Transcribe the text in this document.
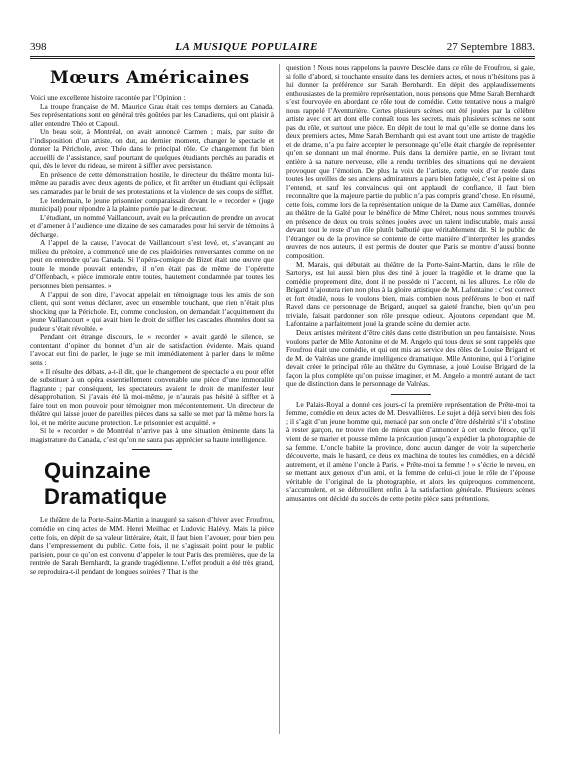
398	LA MUSIQUE POPULAIRE	27 Septembre 1883.
Mœurs Américaines

Voici une excellente histoire racontée par l’Opinion :

La troupe française de M. Maurice Grau était ces temps derniers au Canada. Ses représentations sont en général très goûtées par les Canadiens, qui ont plaisir à aller entendre Théo et Capoul.

Un beau soir, à Montréal, on avait annoncé Carmen ; mais, par suite de l’indisposition d’un artiste, on dut, au dernier moment, changer le spectacle et donner la Périchole, avec Théo dans le principal rôle. Ce changement fut bien accueilli de l’assistance, sauf pourtant de quelques étudiants perchés au paradis et qui, dès le lever du rideau, se mirent à siffler avec persistance.

En présence de cette démonstration hostile, le directeur du théâtre monta lui-même au paradis avec deux agents de police, et fit arrêter un étudiant qui éclipsait ses camarades par le bruit de ses protestations et la violence de ses coups de sifflet.

Le lendemain, le jeune prisonnier comparaissait devant le « recorder » (juge municipal) pour répondre à la plainte portée par le directeur.

L’étudiant, un nommé Vaillancourt, avait eu la précaution de prendre un avocat et d’amener à l’audience une dizaine de ses camarades pour lui servir de témoins à décharge.

A l’appel de la cause, l’avocat de Vaillancourt s’est levé, et, s’avançant au milieu du prétoire, a commencé une de ces plaidoiries renversantes comme on ne peut en entendre qu’au Canada. Si l’opéra-comique de Bizet était une œuvre que toute le monde pouvait entendre, il n’en était pas de même de l’opérette d’Offenbach, « pièce immorale entre toutes, hautement condamnée par toutes les personnes bien pensantes. »

A l’appui de son dire, l’avocat appelait en témoignage tous les amis de son client, qui sont venus déclarer, avec un ensemble touchant, que rien n’était plus shocking que la Périchole. Et, comme conclusion, on demandait l’acquittement du jeune Vaillancourt « qui avait bien le droit de siffler les cascades éhontées dont sa pudeur s’était révoltée. »

Pendant cet étrange discours, le « recorder » avait gardé le silence, se contentant d’opiner du bonnet d’un air de satisfaction évidente. Mais quand l’avocat eut fini de parler, le juge se mit immédiatement à parler dans le même sens :

« Il résulte des débats, a-t-il dit, que le changement de spectacle a eu pour effet de substituer à un opéra essentiellement convenable une pièce d’une immoralité flagrante ; par conséquent, les spectateurs avaient le droit de manifester leur désapprobation. Si j’avais été là moi-même, je n’aurais pas hésité à siffler et à faire tout en mon pouvoir pour témoigner mon mécontentement. Un directeur de théâtre qui laisse jouer de pareilles pièces dans sa salle se met par là même hors la loi, et ne mérite aucune protection. Le prisonnier est acquitté. »

Si le « recorder » de Montréal n’arrive pas à une situation éminente dans la magistrature du Canada, c’est qu’on ne saura pas apprécier sa haute intelligence.

Quinzaine Dramatique

Le théâtre de la Porte-Saint-Martin a inauguré sa saison d’hiver avec Froufrou, comédie en cinq actes de MM. Henri Meilhac et Ludovic Halévy. Mais la pièce cette fois, en dépit de sa valeur littéraire, était, il faut bien l’avouer, pour bien peu dans l’empressement du public. Cette fois, il ne s’agissait point pour le public parisien, pour ce qu’on est convenu d’appeler le tout Paris des premières, que de la rentrée de Sarah Bernhardt, la grande tragédienne. L’effet produit a été très grand, se reproduira-t-il pendant de longues soirées ? That is the

question ! Nous nous rappelons la pauvre Desclée dans ce rôle de Froufrou, si gaie, si folle d’abord, si touchante ensuite dans les derniers actes, et nous n’hésitons pas à lui donner la préférence sur Sarah Bernhardt. En dépit des applaudissements enthousiastes de la première représentation, nous pensons que Mme Sarah Bernhardt s’est fourvoyée en abordant ce rôle tout de comédie. Cette tentative nous a malgré nous rappelé l’Aventurière. Certes plusieurs scènes ont été jouées par la célèbre artiste avec cet art dont elle connaît tous les secrets, mais plusieurs scènes ne sont pas du rôle, et surtout une pièce. En dépit de tout le mal qu’elle se donne dans les deux premiers actes, Mme Sarah Bernhardt qui est avant tout une artiste de tragédie et de drame, n’a pu faire accepter le personnage qu’elle était chargée de représenter qu’en se donnant un mal énorme. Puis dans la dernière partie, en se livrant tout entière à sa nature nerveuse, elle a rendu terribles des situations qui ne devaient provoquer que l’émotion. De plus la voix de l’artiste, cette voix d’or restée dans toutes les oreilles de ses anciens admirateurs a paru bien fatiguée, c’est à peine si on l’entend, et sauf les convaincus qui ont applaudi de confiance, il faut bien reconnaître que la majeure partie du public n’a pas compris grand’chose. En résumé, cette fois, comme lors de la représentation unique de la Dame aux Camélias, donnée au théâtre de la Gaîté pour le bénéfice de Mme Chéret, nous nous sommes trouvés en présence de deux ou trois scènes jouées avec un talent indiscutable, mais aussi devant tout le reste d’un rôle plutôt balbutié que véritablement dit. Si le public de l’étranger ou de la province se contente de cette manière d’interpréter les grandes œuvres de nos auteurs, il est permis de douter que Paris se montre d’aussi bonne composition.

M. Marais, qui débutait au théâtre de la Porte-Saint-Martin, dans le rôle de Sartorys, est lui aussi bien plus des tiné à jouer la tragédie et le drame que la comédie proprement dite, dont il ne possède ni l’accent, ni les allures. Le rôle de Brigard n’ajoutera rien non plus à la gloire artistique de M. Lafontaine : c’est correct et fort étudié, nous le voulons bien, mais combien nous préférons le bon et naïf Ravel dans ce personnage de Brigard, auquel sa gaieté franche, bien qu’un peu triviale, faisait pardonner son rôle presque odieux. Ajoutons cependant que M. Lafontaine a parfaitement joué la grande scène du dernier acte.

Deux artistes méritent d’être cités dans cette distribution un peu fantaisiste. Nous voulons parler de Mlle Antonine et de M. Angelo qui tous deux se sont rappelés que Froufrou était une comédie, et qui ont mis au service des rôles de Louise Brigard et de M. de Valréas une grande intelligence dramatique. Mlle Antonine, qui à l’origine devait créer le principal rôle au théâtre du Gymnase, a joué Louise Brigard de la façon la plus complète qu’on puisse imaginer, et M. Angelo a montré autant de tact que de distinction dans le personnage de Valréas.

Le Palais-Royal a donné ces jours-ci la première représentation de Prête-moi ta femme, comédie en deux actes de M. Desvallières. Le sujet a déjà servi bien des fois ; il s’agit d’un jeune homme qui, menacé par son oncle d’être déshérité s’il s’obstine à rester garçon, ne trouve rien de mieux que d’annoncer à cet oncle féroce, qu’il vient de se marier et pousse même la précaution jusqu’à expédier la photographie de sa femme. L’oncle habite la province, donc aucun danger de voir la supercherie découverte, mais le hasard, ce deus ex machina de toutes les comédies, en a décidé autrement, et il amène l’oncle à Paris. « Prête-moi ta femme ! » s’écrie le neveu, en se mettant aux genoux d’un ami, et la femme de celui-ci joue le rôle de l’épouse véritable de l’original de la photographie, et alors les quiproquos commencent, s’accumulent, et se débrouillent enfin à la satisfaction générale. Plusieurs scènes amusantes ont décidé du succès de cette petite pièce sans prétentions.
